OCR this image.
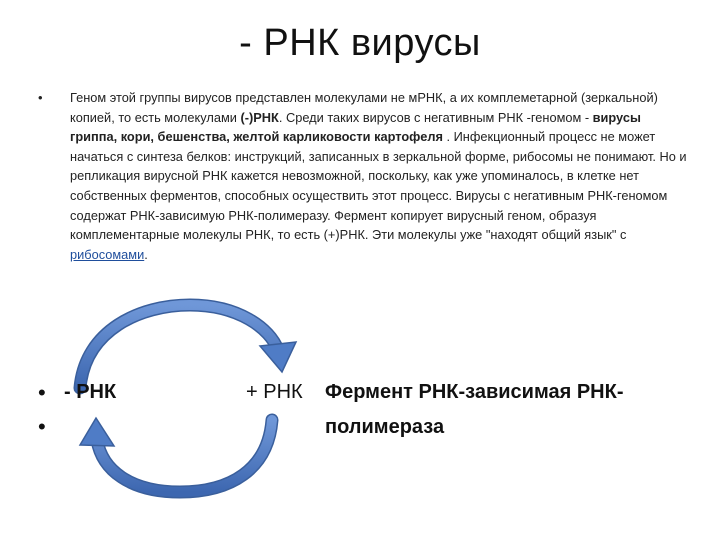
- РНК вирусы
• Геном этой группы вирусов представлен молекулами не мРНК, а их комплеметарной (зеркальной) копией, то есть молекулами (-)РНК. Среди таких вирусов с негативным РНК -геномом - вирусы гриппа, кори, бешенства, желтой карликовости картофеля . Инфекционный процесс не может начаться с синтеза белков: инструкций, записанных в зеркальной форме, рибосомы не понимают. Но и репликация вирусной РНК кажется невозможной, поскольку, как уже упоминалось, в клетке нет собственных ферментов, способных осуществить этот процесс. Вирусы с негативным РНК-геномом содержат РНК-зависимую РНК-полимеразу. Фермент копирует вирусный геном, образуя комплементарные молекулы РНК, то есть (+)РНК. Эти молекулы уже "находят общий язык" с рибосомами.
•
•
- РНК	+ РНК Фермент РНК-зависимая РНК-
полимераза
